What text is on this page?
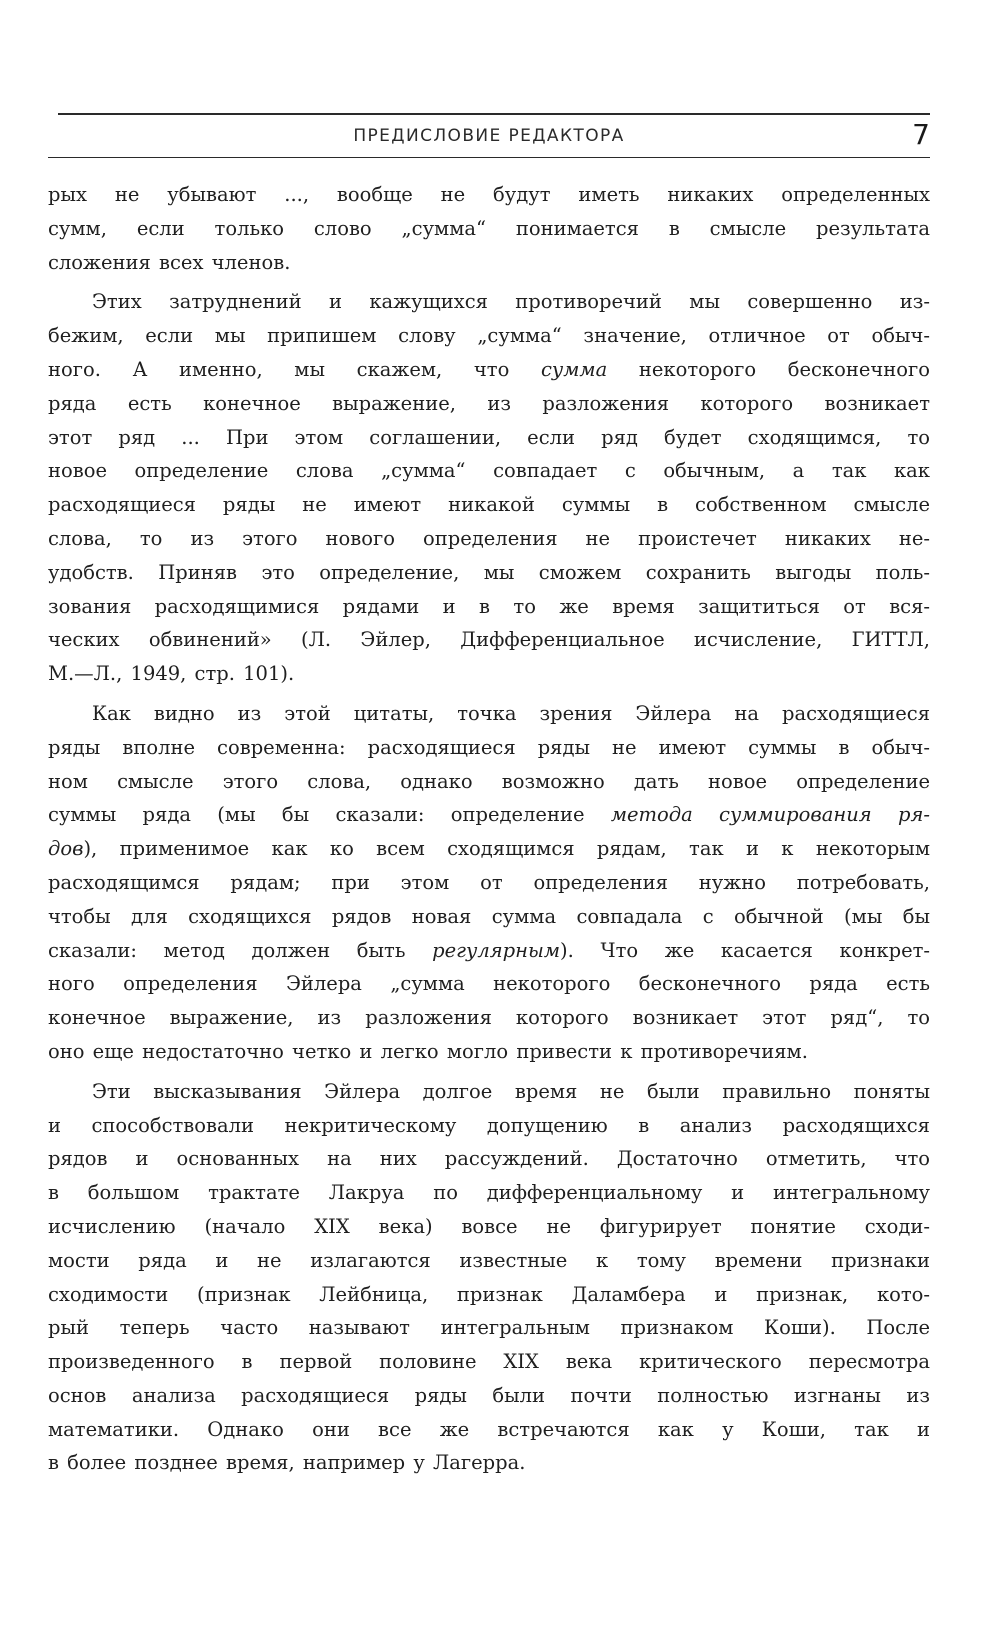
ПРЕДИСЛОВИЕ РЕДАКТОРА	7

рых не убывают ..., вообще не будут иметь никаких определенных
сумм, если только слово „сумма“ понимается в смысле результата
сложения всех членов.

Этих затруднений и кажущихся противоречий мы совершенно из-
бежим, если мы припишем слову „сумма“ значение, отличное от обыч-
ного. А именно, мы скажем, что сумма некоторого бесконечного
ряда есть конечное выражение, из разложения которого возникает
этот ряд ... При этом соглашении, если ряд будет сходящимся, то
новое определение слова „сумма“ совпадает с обычным, а так как
расходящиеся ряды не имеют никакой суммы в собственном смысле
слова, то из этого нового определения не проистечет никаких не-
удобств. Приняв это определение, мы сможем сохранить выгоды поль-
зования расходящимися рядами и в то же время защититься от вся-
ческих обвинений» (Л. Эйлер, Дифференциальное исчисление, ГИТТЛ,
М.—Л., 1949, стр. 101).

Как видно из этой цитаты, точка зрения Эйлера на расходящиеся
ряды вполне современна: расходящиеся ряды не имеют суммы в обыч-
ном смысле этого слова, однако возможно дать новое определение
суммы ряда (мы бы сказали: определение метода суммирования ря-
дов), применимое как ко всем сходящимся рядам, так и к некоторым
расходящимся рядам; при этом от определения нужно потребовать,
чтобы для сходящихся рядов новая сумма совпадала с обычной (мы бы
сказали: метод должен быть регулярным). Что же касается конкрет-
ного определения Эйлера „сумма некоторого бесконечного ряда есть
конечное выражение, из разложения которого возникает этот ряд“, то
оно еще недостаточно четко и легко могло привести к противоречиям.

Эти высказывания Эйлера долгое время не были правильно поняты
и способствовали некритическому допущению в анализ расходящихся
рядов и основанных на них рассуждений. Достаточно отметить, что
в большом трактате Лакруа по дифференциальному и интегральному
исчислению (начало XIX века) вовсе не фигурирует понятие сходи-
мости ряда и не излагаются известные к тому времени признаки
сходимости (признак Лейбница, признак Даламбера и признак, кото-
рый теперь часто называют интегральным признаком Коши). После
произведенного в первой половине XIX века критического пересмотра
основ анализа расходящиеся ряды были почти полностью изгнаны из
математики. Однако они все же встречаются как у Коши, так и
в более позднее время, например у Лагерра.
